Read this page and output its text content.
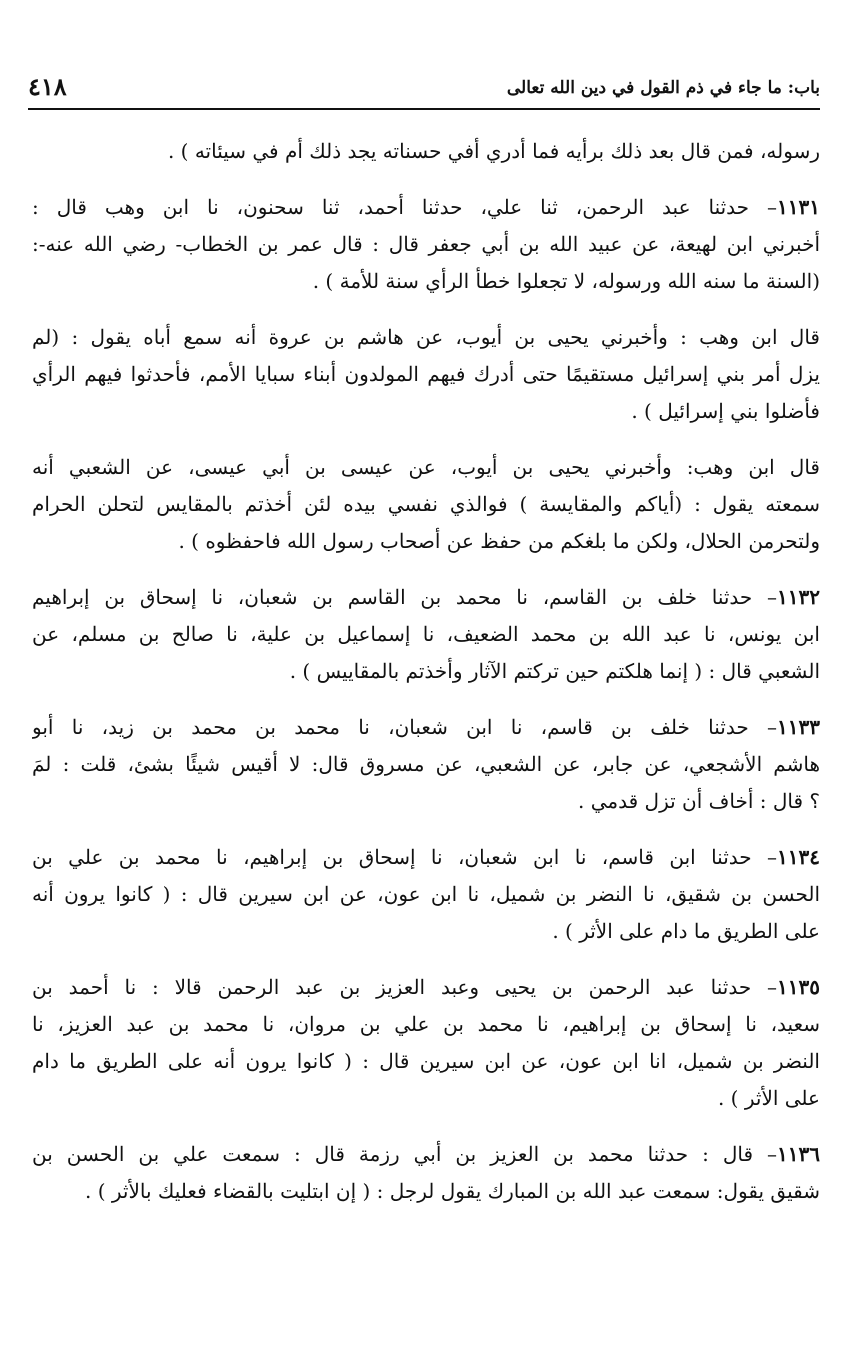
باب: ما جاء في ذم القول في دين الله تعالى
٤١٨
رسوله، فمن قال بعد ذلك برأيه فما أدري أفي حسناته يجد ذلك أم في سيئاته ) .
١١٣١– حدثنا عبد الرحمن، ثنا علي، حدثنا أحمد، ثنا سحنون، نا ابن وهب قال :
أخبرني ابن لهيعة، عن عبيد الله بن أبي جعفر قال : قال عمر بن الخطاب- رضي الله عنه-:
(السنة ما سنه الله ورسوله، لا تجعلوا خطأ الرأي سنة للأمة ) .
قال ابن وهب : وأخبرني يحيى بن أيوب، عن هاشم بن عروة أنه سمع أباه يقول : (لم
يزل أمر بني إسرائيل مستقيمًا حتى أدرك فيهم المولدون أبناء سبايا الأمم، فأحدثوا فيهم الرأي
فأضلوا بني إسرائيل ) .
قال ابن وهب: وأخبرني يحيى بن أيوب، عن عيسى بن أبي عيسى، عن الشعبي أنه
سمعته يقول : (أياكم والمقايسة ) فوالذي نفسي بيده لئن أخذتم بالمقايس لتحلن الحرام
ولتحرمن الحلال، ولكن ما بلغكم من حفظ عن أصحاب رسول الله فاحفظوه ) .
١١٣٢– حدثنا خلف بن القاسم، نا محمد بن القاسم بن شعبان، نا إسحاق بن إبراهيم
ابن يونس، نا عبد الله بن محمد الضعيف، نا إسماعيل بن علية، نا صالح بن مسلم، عن
الشعبي قال : ( إنما هلكتم حين تركتم الآثار وأخذتم بالمقاييس ) .
١١٣٣– حدثنا خلف بن قاسم، نا ابن شعبان، نا محمد بن محمد بن زيد، نا أبو
هاشم الأشجعي، عن جابر، عن الشعبي، عن مسروق قال: لا أقيس شيئًا بشئ، قلت : لمَ
؟ قال : أخاف أن تزل قدمي .
١١٣٤– حدثنا ابن قاسم، نا ابن شعبان، نا إسحاق بن إبراهيم، نا محمد بن علي بن
الحسن بن شقيق، نا النضر بن شميل، نا ابن عون، عن ابن سيرين قال : ( كانوا يرون أنه
على الطريق ما دام على الأثر ) .
١١٣٥– حدثنا عبد الرحمن بن يحيى وعبد العزيز بن عبد الرحمن قالا : نا أحمد بن
سعيد، نا إسحاق بن إبراهيم، نا محمد بن علي بن مروان، نا محمد بن عبد العزيز، نا
النضر بن شميل، انا ابن عون، عن ابن سيرين قال : ( كانوا يرون أنه على الطريق ما دام
على الأثر ) .
١١٣٦– قال : حدثنا محمد بن العزيز بن أبي رزمة قال : سمعت علي بن الحسن بن
شقيق يقول: سمعت عبد الله بن المبارك يقول لرجل : ( إن ابتليت بالقضاء فعليك بالأثر ) .
